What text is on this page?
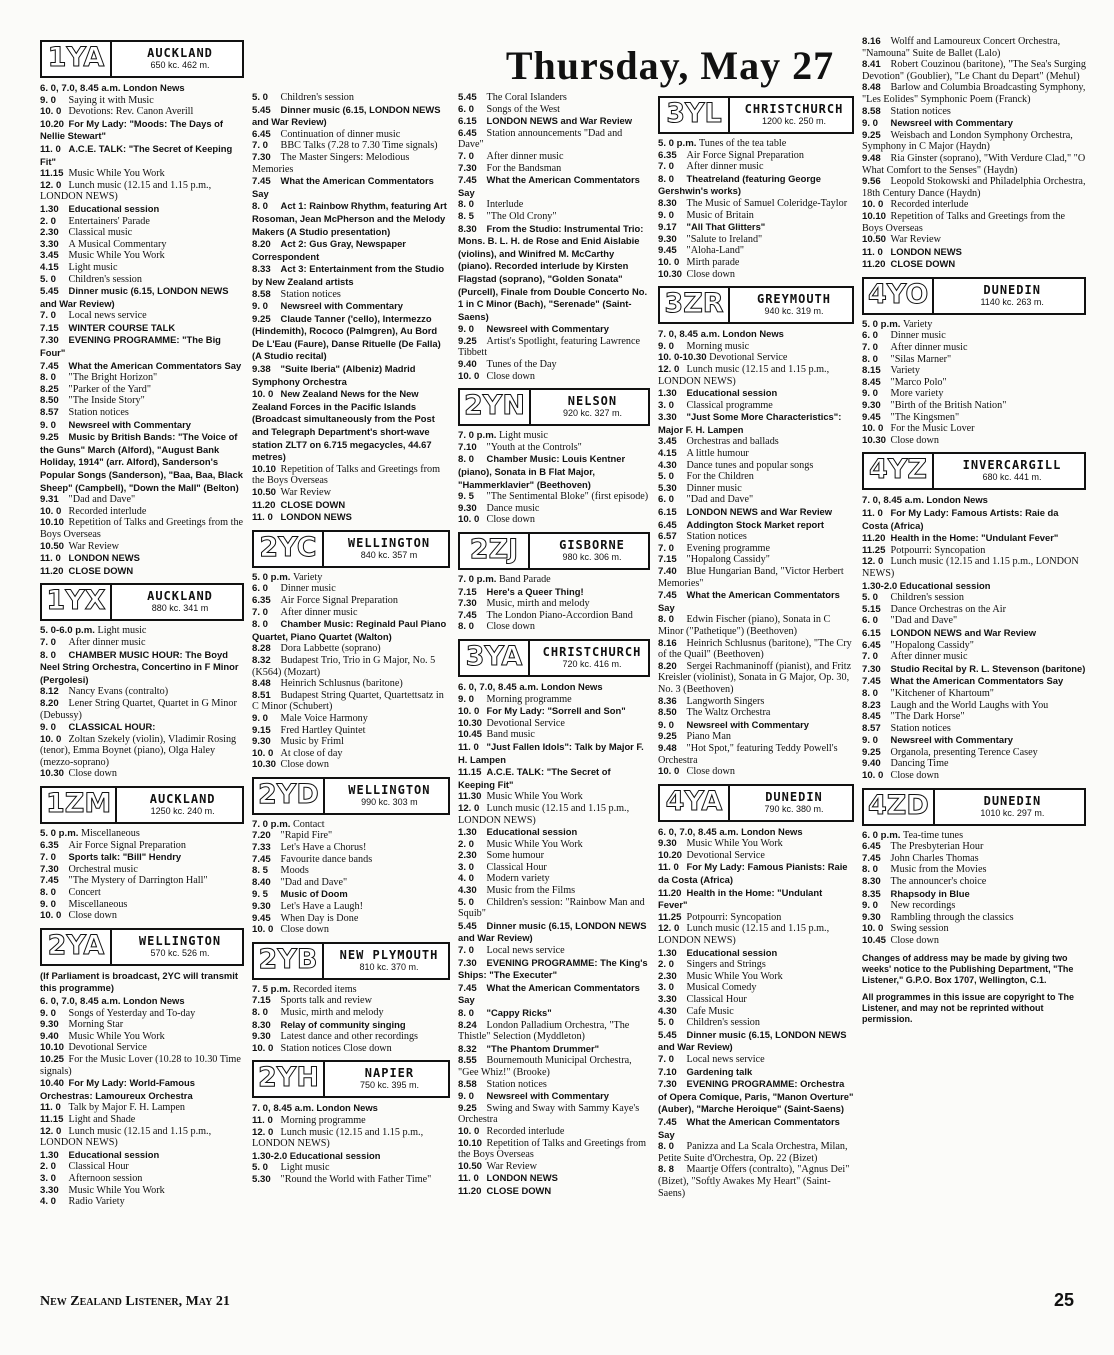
Thursday, May 27
1YA	AUCKLAND
650 kc. 462 m.

6. 0, 7.0, 8.45 a.m. London News

9. 0 Saying it with Music

10. 0 Devotions: Rev. Canon Averill

10.20 For My Lady: "Moods: The Days of Nellie Stewart"

11. 0 A.C.E. TALK: "The Secret of Keeping Fit"

11.15 Music While You Work

12. 0 Lunch music (12.15 and 1.15 p.m., LONDON NEWS)

1.30 Educational session

2. 0 Entertainers' Parade

2.30 Classical music

3.30 A Musical Commentary

3.45 Music While You Work

4.15 Light music

5. 0 Children's session

5.45 Dinner music (6.15, LONDON NEWS and War Review)

7. 0 Local news service

7.15 WINTER COURSE TALK

7.30 EVENING PROGRAMME: "The Big Four"

7.45 What the American Commentators Say

8. 0 "The Bright Horizon"

8.25 "Parker of the Yard"

8.50 "The Inside Story"

8.57 Station notices

9. 0 Newsreel with Commentary

9.25 Music by British Bands: "The Voice of the Guns" March (Alford), "August Bank Holiday, 1914" (arr. Alford), Sanderson's Popular Songs (Sanderson), "Baa, Baa, Black Sheep" (Campbell), "Down the Mall" (Belton)

9.31 "Dad and Dave"

10. 0 Recorded interlude

10.10 Repetition of Talks and Greetings from the Boys Overseas

10.50 War Review

11. 0 LONDON NEWS

11.20 CLOSE DOWN

1YX	AUCKLAND
880 kc. 341 m

5. 0-6.0 p.m. Light music

7. 0 After dinner music

8. 0 CHAMBER MUSIC HOUR: The Boyd Neel String Orchestra, Concertino in F Minor (Pergolesi)

8.12 Nancy Evans (contralto)

8.20 Lener String Quartet, Quartet in G Minor (Debussy)

9. 0 CLASSICAL HOUR:

10. 0 Zoltan Szekely (violin), Vladimir Rosing (tenor), Emma Boynet (piano), Olga Haley (mezzo-soprano)

10.30 Close down

1ZM	AUCKLAND
1250 kc. 240 m.

5. 0 p.m. Miscellaneous

6.35 Air Force Signal Preparation

7. 0 Sports talk: "Bill" Hendry

7.30 Orchestral music

7.45 "The Mystery of Darrington Hall"

8. 0 Concert

9. 0 Miscellaneous

10. 0 Close down

2YA	WELLINGTON
570 kc. 526 m.

(If Parliament is broadcast, 2YC will transmit this programme)

6. 0, 7.0, 8.45 a.m. London News

9. 0 Songs of Yesterday and To-day

9.30 Morning Star

9.40 Music While You Work

10.10 Devotional Service

10.25 For the Music Lover (10.28 to 10.30 Time signals)

10.40 For My Lady: World-Famous Orchestras: Lamoureux Orchestra

11. 0 Talk by Major F. H. Lampen

11.15 Light and Shade

12. 0 Lunch music (12.15 and 1.15 p.m., LONDON NEWS)

1.30 Educational session

2. 0 Classical Hour

3. 0 Afternoon session

3.30 Music While You Work

4. 0 Radio Variety

5. 0 Children's session

5.45 Dinner music (6.15, LONDON NEWS and War Review)

6.45 Continuation of dinner music

7. 0 BBC Talks (7.28 to 7.30 Time signals)

7.30 The Master Singers: Melodious Memories

7.45 What the American Commentators Say

8. 0 Act 1: Rainbow Rhythm, featuring Art Rosoman, Jean McPherson and the Melody Makers (A Studio presentation)

8.20 Act 2: Gus Gray, Newspaper Correspondent

8.33 Act 3: Entertainment from the Studio by New Zealand artists

8.58 Station notices

9. 0 Newsreel with Commentary

9.25 Claude Tanner ('cello), Intermezzo (Hindemith), Rococo (Palmgren), Au Bord De L'Eau (Faure), Danse Rituelle (De Falla) (A Studio recital)

9.38 "Suite Iberia" (Albeniz) Madrid Symphony Orchestra

10. 0 New Zealand News for the New Zealand Forces in the Pacific Islands (Broadcast simultaneously from the Post and Telegraph Department's short-wave station ZLT7 on 6.715 megacycles, 44.67 metres)

10.10 Repetition of Talks and Greetings from the Boys Overseas

10.50 War Review

11.20 CLOSE DOWN

11. 0 LONDON NEWS

2YC	WELLINGTON
840 kc. 357 m

5. 0 p.m. Variety

6. 0 Dinner music

6.35 Air Force Signal Preparation

7. 0 After dinner music

8. 0 Chamber Music: Reginald Paul Piano Quartet, Piano Quartet (Walton)

8.28 Dora Labbette (soprano)

8.32 Budapest Trio, Trio in G Major, No. 5 (K564) (Mozart)

8.48 Heinrich Schlusnus (baritone)

8.51 Budapest String Quartet, Quartettsatz in C Minor (Schubert)

9. 0 Male Voice Harmony

9.15 Fred Hartley Quintet

9.30 Music by Friml

10. 0 At close of day

10.30 Close down

2YD	WELLINGTON
990 kc. 303 m

7. 0 p.m. Contact

7.20 "Rapid Fire"

7.33 Let's Have a Chorus!

7.45 Favourite dance bands

8. 5 Moods

8.40 "Dad and Dave"

9. 5 Music of Doom

9.30 Let's Have a Laugh!

9.45 When Day is Done

10. 0 Close down

2YB	NEW PLYMOUTH
810 kc. 370 m.

7. 5 p.m. Recorded items

7.15 Sports talk and review

8. 0 Music, mirth and melody

8.30 Relay of community singing

9.30 Latest dance and other recordings

10. 0 Station notices Close down

2YH	NAPIER
750 kc. 395 m.

7. 0, 8.45 a.m. London News

11. 0 Morning programme

12. 0 Lunch music (12.15 and 1.15 p.m., LONDON NEWS)

1.30-2.0 Educational session

5. 0 Light music

5.30 "Round the World with Father Time"

5.45 The Coral Islanders

6. 0 Songs of the West

6.15 LONDON NEWS and War Review

6.45 Station announcements "Dad and Dave"

7. 0 After dinner music

7.30 For the Bandsman

7.45 What the American Commentators Say

8. 0 Interlude

8. 5 "The Old Crony"

8.30 From the Studio: Instrumental Trio: Mons. B. L. H. de Rose and Enid Aislabie (violins), and Winifred M. McCarthy (piano). Recorded interlude by Kirsten Flagstad (soprano), "Golden Sonata" (Purcell), Finale from Double Concerto No. 1 in C Minor (Bach), "Serenade" (Saint-Saens)

9. 0 Newsreel with Commentary

9.25 Artist's Spotlight, featuring Lawrence Tibbett

9.40 Tunes of the Day

10. 0 Close down

2YN	NELSON
920 kc. 327 m.

7. 0 p.m. Light music

7.10 "Youth at the Controls"

8. 0 Chamber Music: Louis Kentner (piano), Sonata in B Flat Major, "Hammerklavier" (Beethoven)

9. 5 "The Sentimental Bloke" (first episode)

9.30 Dance music

10. 0 Close down

2ZJ	GISBORNE
980 kc. 306 m.

7. 0 p.m. Band Parade

7.15 Here's a Queer Thing!

7.30 Music, mirth and melody

7.45 The London Piano-Accordion Band

8. 0 Close down

3YA	CHRISTCHURCH
720 kc. 416 m.

6. 0, 7.0, 8.45 a.m. London News

9. 0 Morning programme

10. 0 For My Lady: "Sorrell and Son"

10.30 Devotional Service

10.45 Band music

11. 0 "Just Fallen Idols": Talk by Major F. H. Lampen

11.15 A.C.E. TALK: "The Secret of Keeping Fit"

11.30 Music While You Work

12. 0 Lunch music (12.15 and 1.15 p.m., LONDON NEWS)

1.30 Educational session

2. 0 Music While You Work

2.30 Some humour

3. 0 Classical Hour

4. 0 Modern variety

4.30 Music from the Films

5. 0 Children's session: "Rainbow Man and Squib"

5.45 Dinner music (6.15, LONDON NEWS and War Review)

7. 0 Local news service

7.30 EVENING PROGRAMME: The King's Ships: "The Executer"

7.45 What the American Commentators Say

8. 0 "Cappy Ricks"

8.24 London Palladium Orchestra, "The Thistle" Selection (Myddleton)

8.32 "The Phantom Drummer"

8.55 Bournemouth Municipal Orchestra, "Gee Whiz!" (Brooke)

8.58 Station notices

9. 0 Newsreel with Commentary

9.25 Swing and Sway with Sammy Kaye's Orchestra

10. 0 Recorded interlude

10.10 Repetition of Talks and Greetings from the Boys Overseas

10.50 War Review

11. 0 LONDON NEWS

11.20 CLOSE DOWN

3YL	CHRISTCHURCH
1200 kc. 250 m.

5. 0 p.m. Tunes of the tea table

6.35 Air Force Signal Preparation

7. 0 After dinner music

8. 0 Theatreland (featuring George Gershwin's works)

8.30 The Music of Samuel Coleridge-Taylor

9. 0 Music of Britain

9.17 "All That Glitters"

9.30 "Salute to Ireland"

9.45 "Aloha-Land"

10. 0 Mirth parade

10.30 Close down

3ZR	GREYMOUTH
940 kc. 319 m.

7. 0, 8.45 a.m. London News

9. 0 Morning music

10. 0-10.30 Devotional Service

12. 0 Lunch music (12.15 and 1.15 p.m., LONDON NEWS)

1.30 Educational session

3. 0 Classical programme

3.30 "Just Some More Characteristics": Major F. H. Lampen

3.45 Orchestras and ballads

4.15 A little humour

4.30 Dance tunes and popular songs

5. 0 For the Children

5.30 Dinner music

6. 0 "Dad and Dave"

6.15 LONDON NEWS and War Review

6.45 Addington Stock Market report

6.57 Station notices

7. 0 Evening programme

7.15 "Hopalong Cassidy"

7.40 Blue Hungarian Band, "Victor Herbert Memories"

7.45 What the American Commentators Say

8. 0 Edwin Fischer (piano), Sonata in C Minor ("Pathetique") (Beethoven)

8.16 Heinrich Schlusnus (baritone), "The Cry of the Quail" (Beethoven)

8.20 Sergei Rachmaninoff (pianist), and Fritz Kreisler (violinist), Sonata in G Major, Op. 30, No. 3 (Beethoven)

8.36 Langworth Singers

8.50 The Waltz Orchestra

9. 0 Newsreel with Commentary

9.25 Piano Man

9.48 "Hot Spot," featuring Teddy Powell's Orchestra

10. 0 Close down

4YA	DUNEDIN
790 kc. 380 m.

6. 0, 7.0, 8.45 a.m. London News

9.30 Music While You Work

10.20 Devotional Service

11. 0 For My Lady: Famous Pianists: Raie da Costa (Africa)

11.20 Health in the Home: "Undulant Fever"

11.25 Potpourri: Syncopation

12. 0 Lunch music (12.15 and 1.15 p.m., LONDON NEWS)

1.30 Educational session

2. 0 Singers and Strings

2.30 Music While You Work

3. 0 Musical Comedy

3.30 Classical Hour

4.30 Cafe Music

5. 0 Children's session

5.45 Dinner music (6.15, LONDON NEWS and War Review)

7. 0 Local news service

7.10 Gardening talk

7.30 EVENING PROGRAMME: Orchestra of Opera Comique, Paris, "Manon Overture" (Auber), "Marche Heroique" (Saint-Saens)

7.45 What the American Commentators Say

8. 0 Panizza and La Scala Orchestra, Milan, Petite Suite d'Orchestra, Op. 22 (Bizet)

8. 8 Maartje Offers (contralto), "Agnus Dei" (Bizet), "Softly Awakes My Heart" (Saint-Saens)

8.16 Wolff and Lamoureux Concert Orchestra, "Namouna" Suite de Ballet (Lalo)

8.41 Robert Couzinou (baritone), "The Sea's Surging Devotion" (Goublier), "Le Chant du Depart" (Mehul)

8.48 Barlow and Columbia Broadcasting Symphony, "Les Eolides" Symphonic Poem (Franck)

8.58 Station notices

9. 0 Newsreel with Commentary

9.25 Weisbach and London Symphony Orchestra, Symphony in C Major (Haydn)

9.48 Ria Ginster (soprano), "With Verdure Clad," "O What Comfort to the Senses" (Haydn)

9.56 Leopold Stokowski and Philadelphia Orchestra, 18th Century Dance (Haydn)

10. 0 Recorded interlude

10.10 Repetition of Talks and Greetings from the Boys Overseas

10.50 War Review

11. 0 LONDON NEWS

11.20 CLOSE DOWN

4YO	DUNEDIN
1140 kc. 263 m.

5. 0 p.m. Variety

6. 0 Dinner music

7. 0 After dinner music

8. 0 "Silas Marner"

8.15 Variety

8.45 "Marco Polo"

9. 0 More variety

9.30 "Birth of the British Nation"

9.45 "The Kingsmen"

10. 0 For the Music Lover

10.30 Close down

4YZ	INVERCARGILL
680 kc. 441 m.

7. 0, 8.45 a.m. London News

11. 0 For My Lady: Famous Artists: Raie da Costa (Africa)

11.20 Health in the Home: "Undulant Fever"

11.25 Potpourri: Syncopation

12. 0 Lunch music (12.15 and 1.15 p.m., LONDON NEWS)

1.30-2.0 Educational session

5. 0 Children's session

5.15 Dance Orchestras on the Air

6. 0 "Dad and Dave"

6.15 LONDON NEWS and War Review

6.45 "Hopalong Cassidy"

7. 0 After dinner music

7.30 Studio Recital by R. L. Stevenson (baritone)

7.45 What the American Commentators Say

8. 0 "Kitchener of Khartoum"

8.23 Laugh and the World Laughs with You

8.45 "The Dark Horse"

8.57 Station notices

9. 0 Newsreel with Commentary

9.25 Organola, presenting Terence Casey

9.40 Dancing Time

10. 0 Close down

4ZD	DUNEDIN
1010 kc. 297 m.

6. 0 p.m. Tea-time tunes

6.45 The Presbyterian Hour

7.45 John Charles Thomas

8. 0 Music from the Movies

8.30 The announcer's choice

8.35 Rhapsody in Blue

9. 0 New recordings

9.30 Rambling through the classics

10. 0 Swing session

10.45 Close down

Changes of address may be made by giving two weeks' notice to the Publishing Department, "The Listener," G.P.O. Box 1707, Wellington, C.1.

All programmes in this issue are copyright to The Listener, and may not be reprinted without permission.

New Zealand Listener, May 21	25
